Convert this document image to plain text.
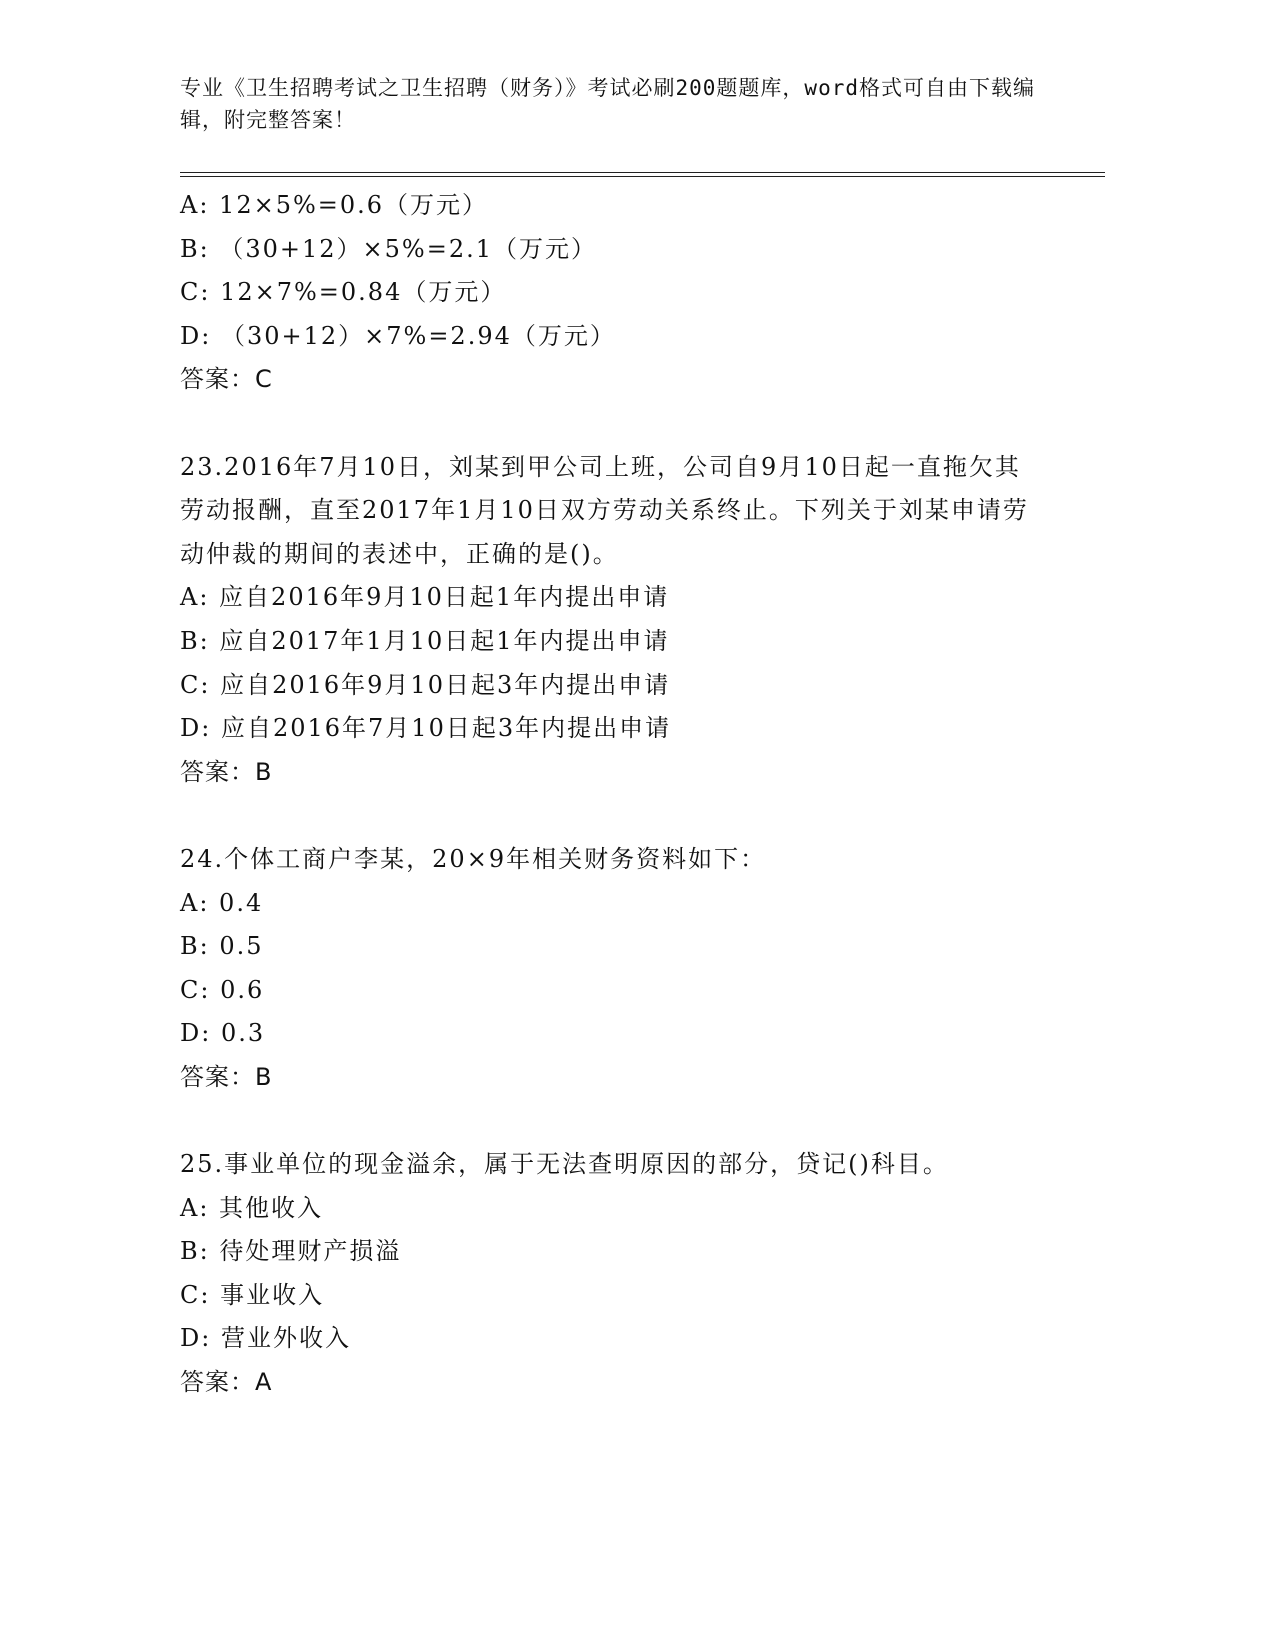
专业《卫生招聘考试之卫生招聘（财务）》考试必刷200题题库，word格式可自由下载编辑，附完整答案！
A: 12×5%=0.6（万元）
B: （30+12）×5%=2.1（万元）
C: 12×7%=0.84（万元）
D: （30+12）×7%=2.94（万元）
答案：C
23.2016年7月10日，刘某到甲公司上班，公司自9月10日起一直拖欠其劳动报酬，直至2017年1月10日双方劳动关系终止。下列关于刘某申请劳动仲裁的期间的表述中，正确的是()。
A: 应自2016年9月10日起1年内提出申请
B: 应自2017年1月10日起1年内提出申请
C: 应自2016年9月10日起3年内提出申请
D: 应自2016年7月10日起3年内提出申请
答案：B
24.个体工商户李某，20×9年相关财务资料如下：
A: 0.4
B: 0.5
C: 0.6
D: 0.3
答案：B
25.事业单位的现金溢余，属于无法查明原因的部分，贷记()科目。
A: 其他收入
B: 待处理财产损溢
C: 事业收入
D: 营业外收入
答案：A
